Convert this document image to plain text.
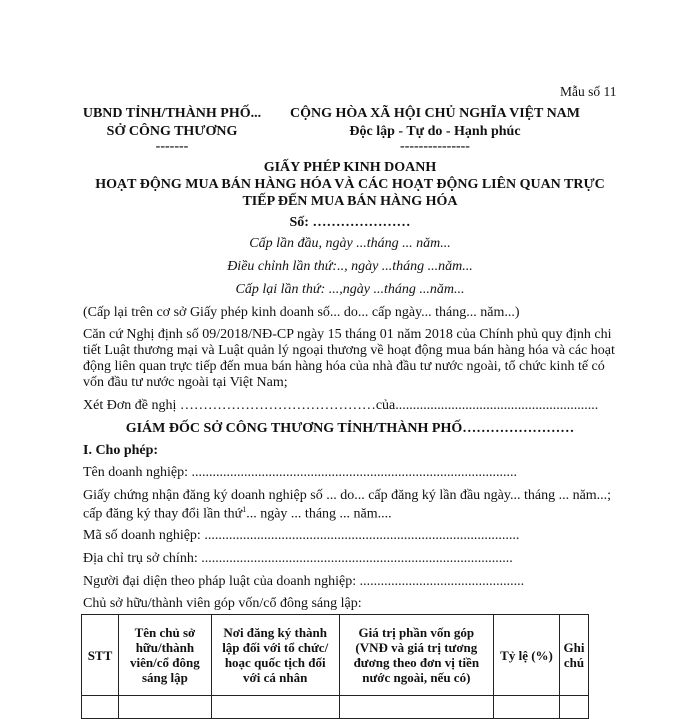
Mẫu số 11
UBND TỈNH/THÀNH PHỐ...
SỞ CÔNG THƯƠNG
-------
CỘNG HÒA XÃ HỘI CHỦ NGHĨA VIỆT NAM
Độc lập - Tự do - Hạnh phúc
---------------
GIẤY PHÉP KINH DOANH
HOẠT ĐỘNG MUA BÁN HÀNG HÓA VÀ CÁC HOẠT ĐỘNG LIÊN QUAN TRỰC
TIẾP ĐẾN MUA BÁN HÀNG HÓA
Số: …………………
Cấp lần đầu, ngày ...tháng ... năm...
Điều chỉnh lần thứ:.., ngày ...tháng ...năm...
Cấp lại lần thứ: ...,ngày ...tháng ...năm...
(Cấp lại trên cơ sở Giấy phép kinh doanh số... do... cấp ngày... tháng... năm...)
Căn cứ Nghị định số 09/2018/NĐ-CP ngày 15 tháng 01 năm 2018 của Chính phủ quy định chi
tiết Luật thương mại và Luật quản lý ngoại thương về hoạt động mua bán hàng hóa và các hoạt
động liên quan trực tiếp đến mua bán hàng hóa của nhà đầu tư nước ngoài, tổ chức kinh tế có
vốn đầu tư nước ngoài tại Việt Nam;
Xét Đơn đề nghị ……………………………………của..........................................................
GIÁM ĐỐC SỞ CÔNG THƯƠNG TỈNH/THÀNH PHỐ……………………
I. Cho phép:
Tên doanh nghiệp: .............................................................................................
Giấy chứng nhận đăng ký doanh nghiệp số ... do... cấp đăng ký lần đầu ngày... tháng ... năm...;
cấp đăng ký thay đổi lần thứ$^1$... ngày ... tháng ... năm....
Mã số doanh nghiệp: ..........................................................................................
Địa chỉ trụ sở chính: .........................................................................................
Người đại diện theo pháp luật của doanh nghiệp: ...............................................
Chủ sở hữu/thành viên góp vốn/cổ đông sáng lập:
STT	Tên chủ sở hữu/thành viên/cổ đông sáng lập	Nơi đăng ký thành lập đối với tổ chức/ hoạc quốc tịch đối với cá nhân	Giá trị phần vốn góp (VNĐ và giá trị tương đương theo đơn vị tiền nước ngoài, nếu có)	Tỷ lệ (%)	Ghi chú
